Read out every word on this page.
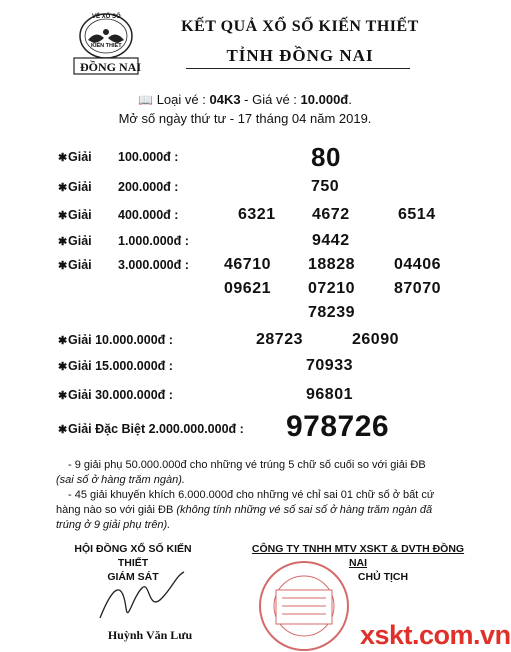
VÉ XỔ SỐ
KIẾN THIẾT
ĐỒNG NAI
KẾT QUẢ XỔ SỐ KIẾN THIẾT
TỈNH ĐỒNG NAI
📖 Loại vé : 04K3 - Giá vé : 10.000đ.
Mở số ngày thứ tư - 17 tháng 04 năm 2019.
✱Giải 100.000đ :	80
✱Giải 200.000đ :	750
✱Giải 400.000đ :	6321 4672	6514
✱Giải 1.000.000đ :	9442
✱Giải 3.000.000đ : 46710 18828 04406
09621 07210 87070
78239
✱Giải 10.000.000đ :	28723	26090
✱Giải 15.000.000đ :	70933
✱Giải 30.000.000đ :	96801
✱Giải Đặc Biệt 2.000.000.000đ : 978726
- 9 giải phụ 50.000.000đ cho những vé trúng 5 chữ số cuối so với giải ĐB
(sai số ở hàng trăm ngàn).
- 45 giải khuyến khích 6.000.000đ cho những vé chỉ sai 01 chữ số ở bất cứ
hàng nào so với giải ĐB (không tính những vé số sai số ở hàng trăm ngàn đã
trúng ở 9 giải phụ trên).
HỘI ĐỒNG XỔ SỐ KIẾN THIẾT
GIÁM SÁT
Huỳnh Văn Lưu
CÔNG TY TNHH MTV XSKT & DVTH ĐỒNG NAI
CHỦ TỊCH
xskt.com.vn
